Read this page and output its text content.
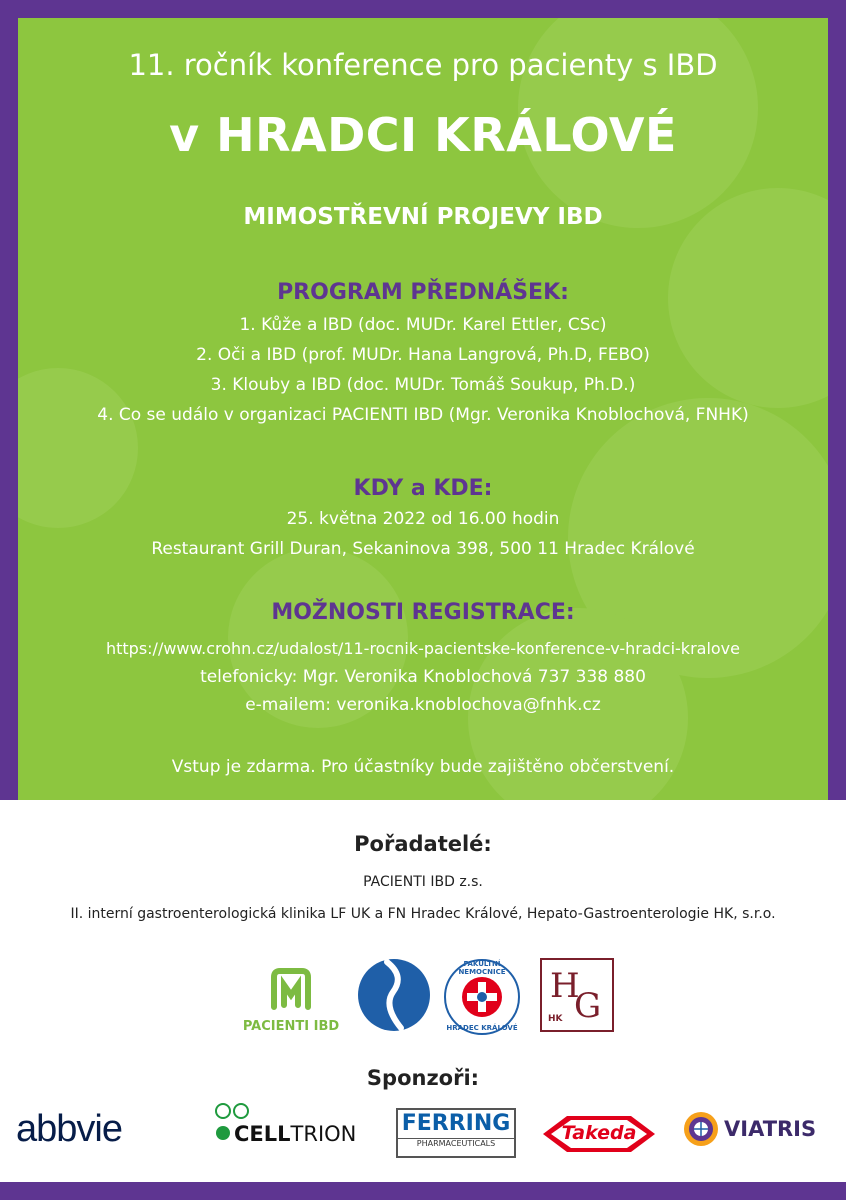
11. ročník konference pro pacienty s IBD
v HRADCI KRÁLOVÉ
MIMOSTŘEVNÍ PROJEVY IBD
PROGRAM PŘEDNÁŠEK:
1. Kůže a IBD (doc. MUDr. Karel Ettler, CSc)
2. Oči a IBD (prof. MUDr. Hana Langrová, Ph.D, FEBO)
3. Klouby a IBD (doc. MUDr. Tomáš Soukup, Ph.D.)
4. Co se událo v organizaci PACIENTI IBD (Mgr. Veronika Knoblochová, FNHK)
KDY a KDE:
25. května 2022 od 16.00 hodin
Restaurant Grill Duran, Sekaninova 398, 500 11 Hradec Králové
MOŽNOSTI REGISTRACE:
https://www.crohn.cz/udalost/11-rocnik-pacientske-konference-v-hradci-kralove
telefonicky: Mgr. Veronika Knoblochová 737 338 880
e-mailem: veronika.knoblochova@fnhk.cz
Vstup je zdarma. Pro účastníky bude zajištěno občerstvení.
Pořadatelé:
PACIENTI IBD z.s.
II. interní gastroenterologická klinika LF UK a FN Hradec Králové, Hepato-Gastroenterologie HK, s.r.o.
PACIENTI IBD
FAKULTNÍ NEMOCNICE
HRADEC KRÁLOVÉ
H
G
HK
Sponzoři:
abbvie	CELLTRION FERRING
PHARMACEUTICALS	Takeda	VIATRIS
